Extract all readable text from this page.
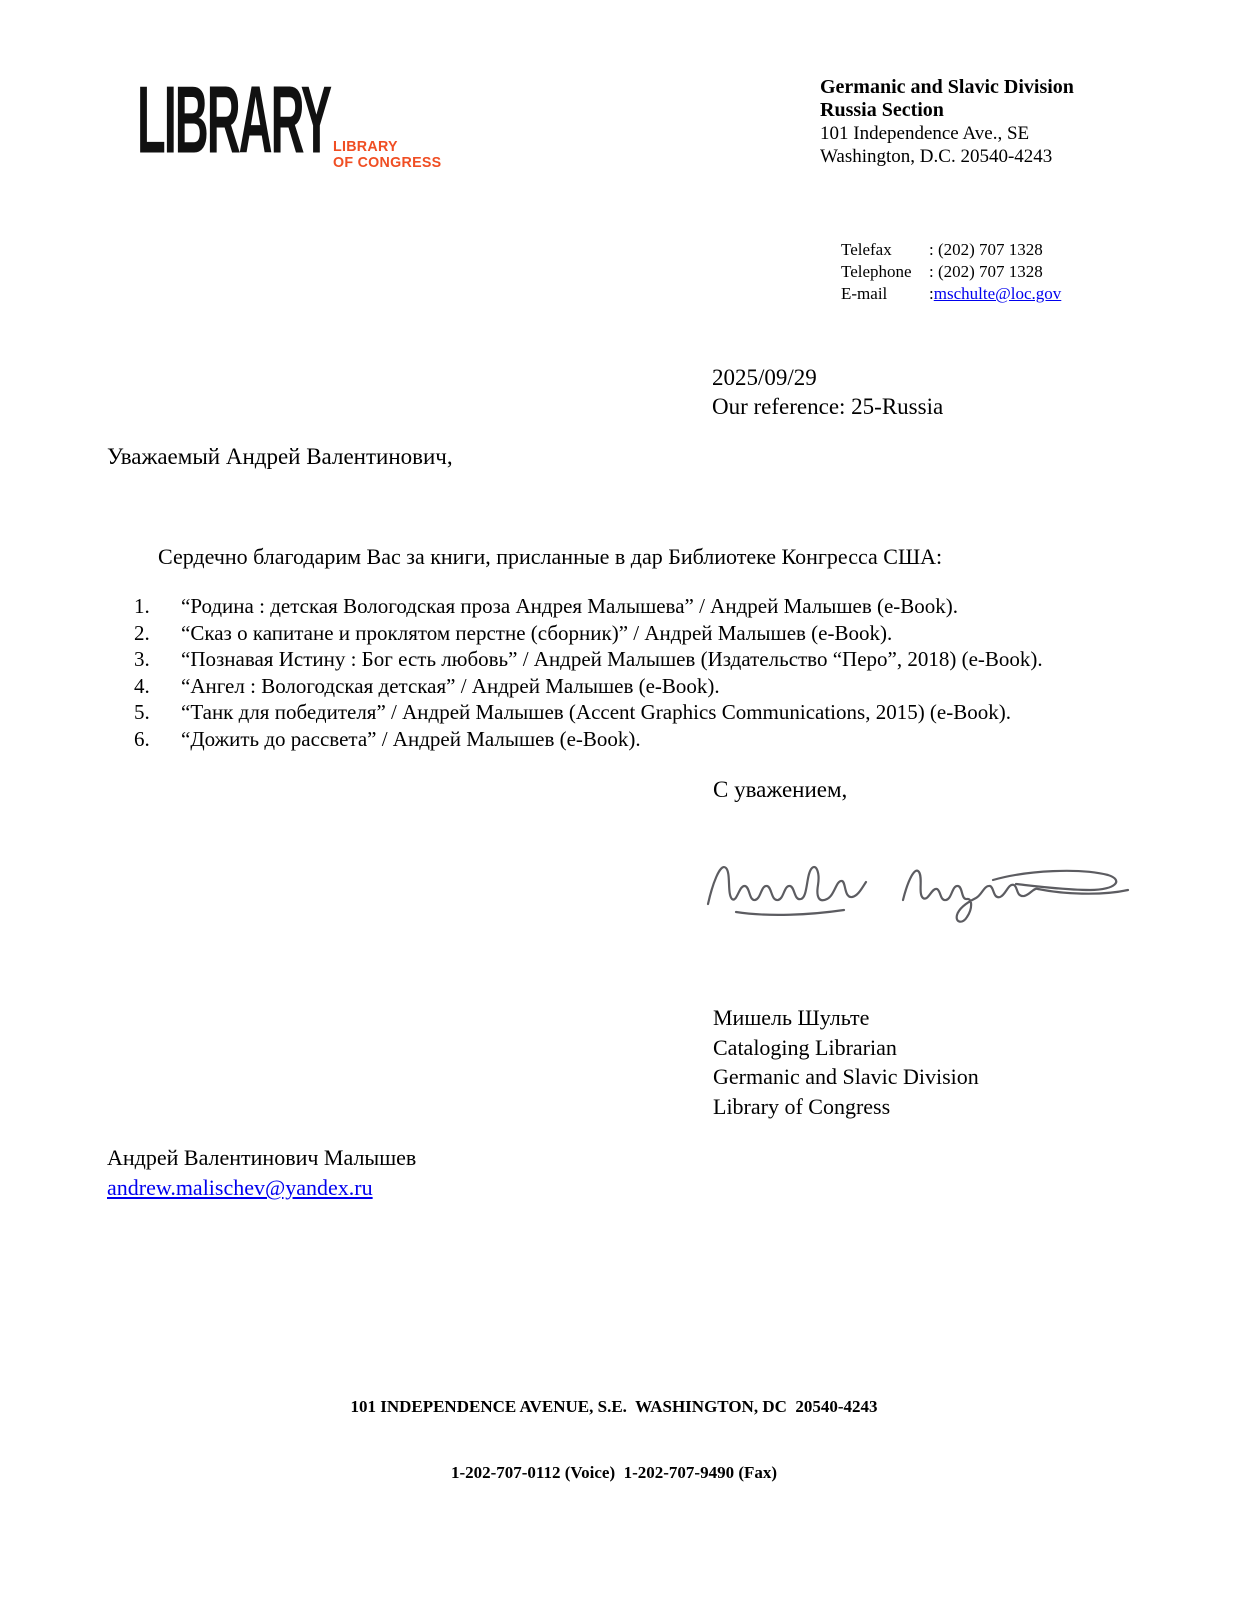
LIBRARY LIBRARY
OF CONGRESS
Germanic and Slavic Division
Russia Section
101 Independence Ave., SE
Washington, D.C. 20540-4243
Telefax	: (202) 707 1328
Telephone	: (202) 707 1328
E-mail	: mschulte@loc.gov
2025/09/29
Our reference: 25-Russia
Уважаемый Андрей Валентинович,
Сердечно благодарим Вас за книги, присланные в дар Библиотеке Конгресса США:
1.	“Родина : детская Вологодская проза Андрея Малышева” / Андрей Малышев (e-Book).
2.	“Сказ о капитане и проклятом перстне (сборник)” / Андрей Малышев (e-Book).
3.	“Познавая Истину : Бог есть любовь” / Андрей Малышев (Издательство “Перо”, 2018) (e-Book).
4.	“Ангел : Вологодская детская” / Андрей Малышев (e-Book).
5.	“Танк для победителя” / Андрей Малышев (Accent Graphics Communications, 2015) (e-Book).
6.	“Дожить до рассвета” / Андрей Малышев (e-Book).
С уважением,
Мишель Шульте
Cataloging Librarian
Germanic and Slavic Division
Library of Congress
Андрей Валентинович Малышев
andrew.malischev@yandex.ru

101 INDEPENDENCE AVENUE, S.E.  WASHINGTON, DC  20540-4243

1-202-707-0112 (Voice)  1-202-707-9490 (Fax)
